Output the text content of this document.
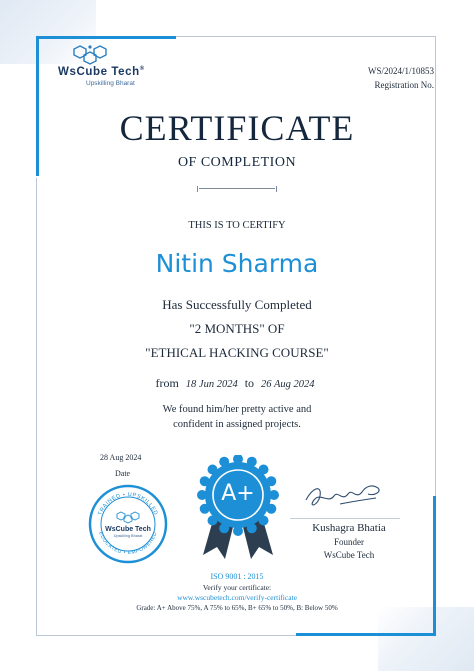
WsCube Tech®
Upskilling Bharat
WS/2024/1/10853
Registration No.
CERTIFICATE
OF COMPLETION
THIS IS TO CERTIFY
Nitin Sharma
Has Successfully Completed
"2 MONTHS" OF
"ETHICAL HACKING COURSE"
from 18 Jun 2024 to 26 Aug 2024
We found him/her pretty active and
confident in assigned projects.
28 Aug 2024
Date
TRAINED • UPSKILLED
EDUCATED • EMPOWERED
WsCube Tech
Upskilling Bharat
A+
Kushagra Bhatia
Founder
WsCube Tech
ISO 9001 : 2015
Verify your certificate:
www.wscubetech.com/verify-certificate
Grade: A+ Above 75%, A 75% to 65%, B+ 65% to 50%, B: Below 50%
